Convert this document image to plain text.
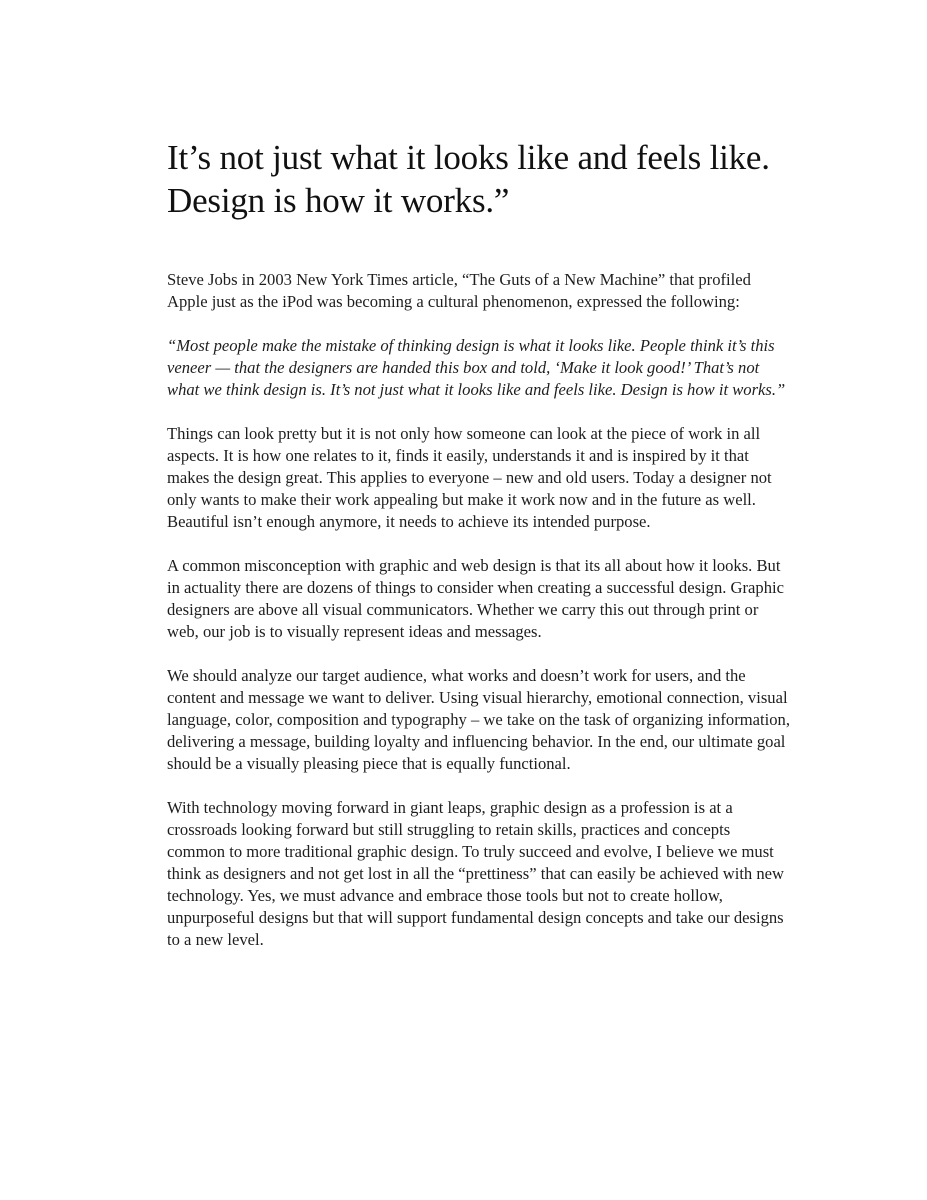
It’s not just what it looks like and feels like.
Design is how it works.”

Steve Jobs in 2003 New York Times article, “The Guts of a New Machine” that profiled Apple just as the iPod was becoming a cultural phenomenon, expressed the following:

“Most people make the mistake of thinking design is what it looks like. People think it’s this veneer — that the designers are handed this box and told, ‘Make it look good!’ That’s not what we think design is. It’s not just what it looks like and feels like. Design is how it works.”

Things can look pretty but it is not only how someone can look at the piece of work in all aspects. It is how one relates to it, finds it easily, understands it and is inspired by it that makes the design great. This applies to everyone – new and old users. Today a designer not only wants to make their work appealing but make it work now and in the future as well. Beautiful isn’t enough anymore, it needs to achieve its intended purpose.

A common misconception with graphic and web design is that its all about how it looks. But in actuality there are dozens of things to consider when creating a successful design. Graphic designers are above all visual communicators. Whether we carry this out through print or web, our job is to visually represent ideas and messages.

We should analyze our target audience, what works and doesn’t work for users, and the content and message we want to deliver. Using visual hierarchy, emotional connection, visual language, color, composition and typography – we take on the task of organizing information, delivering a message, building loyalty and influencing behavior. In the end, our ultimate goal should be a visually pleasing piece that is equally functional.

With technology moving forward in giant leaps, graphic design as a profession is at a crossroads looking forward but still struggling to retain skills, practices and concepts common to more traditional graphic design. To truly succeed and evolve, I believe we must think as designers and not get lost in all the “prettiness” that can easily be achieved with new technology. Yes, we must advance and embrace those tools but not to create hollow, unpurposeful designs but that will support fundamental design concepts and take our designs to a new level.
